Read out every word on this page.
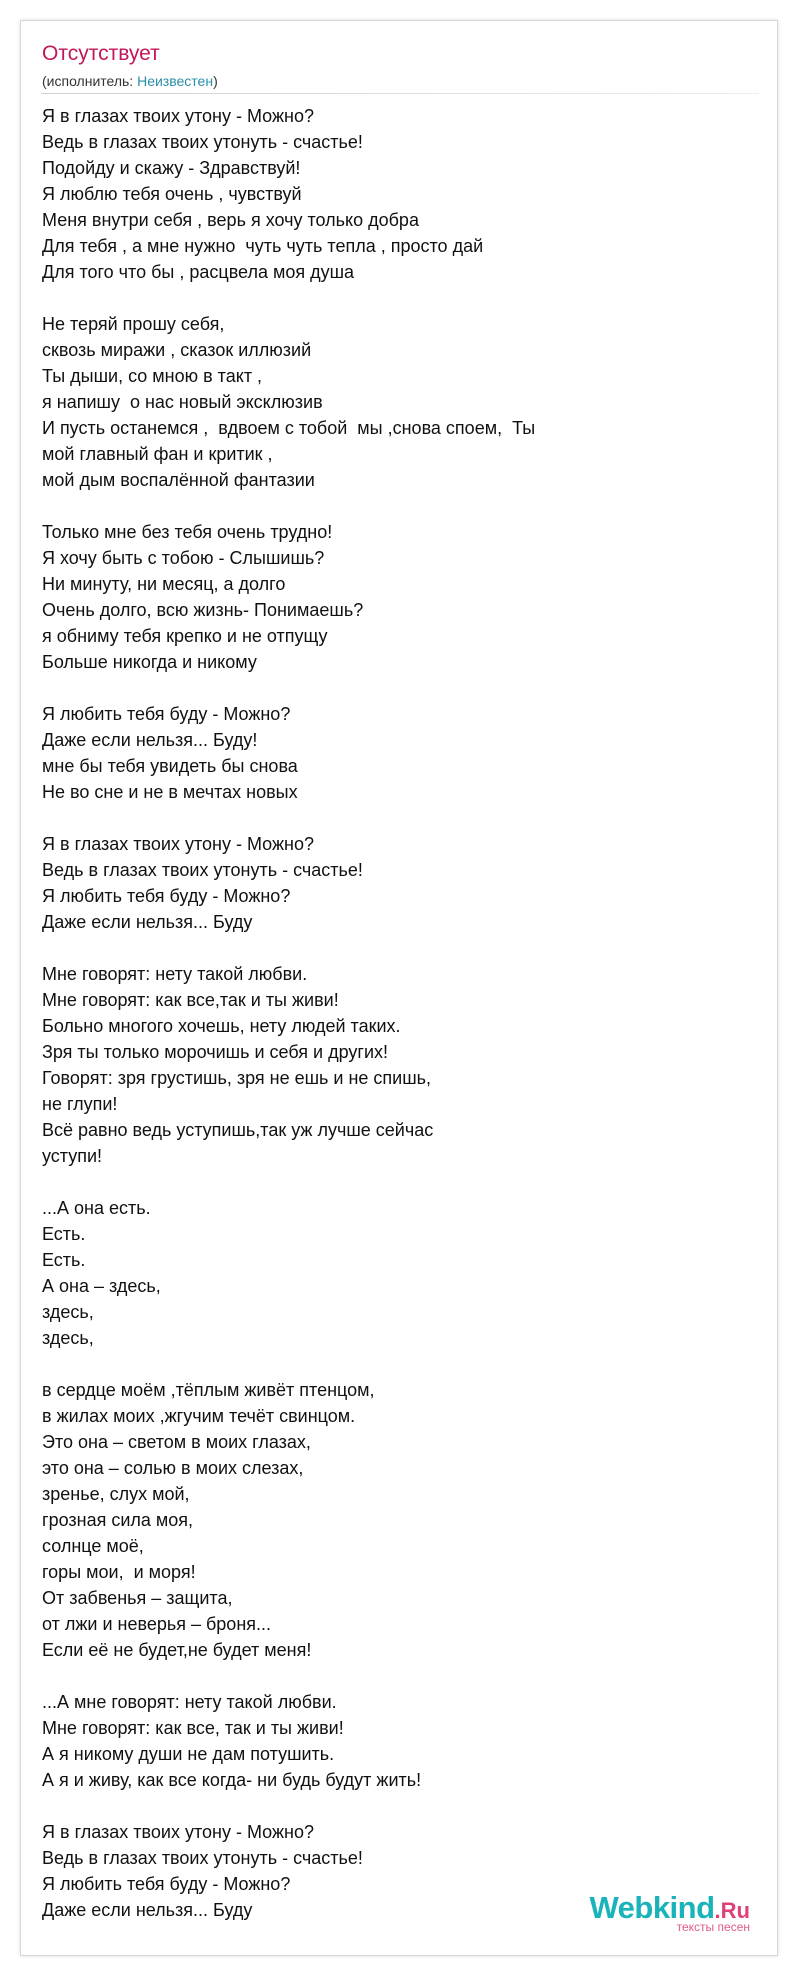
Отсутствует
(исполнитель: Неизвестен)
Я в глазах твоих утону - Можно?
Ведь в глазах твоих утонуть - счастье!
Подойду и скажу - Здравствуй!
Я люблю тебя очень , чувствуй
Меня внутри себя , верь я хочу только добра
Для тебя , а мне нужно  чуть чуть тепла , просто дай
Для того что бы , расцвела моя душа
Не теряй прошу себя,
сквозь миражи , сказок иллюзий
Ты дыши, со мною в такт ,
я напишу  о нас новый эксклюзив
И пусть останемся ,  вдвоем с тобой  мы ,снова споем,  Ты
мой главный фан и критик ,
мой дым воспалённой фантазии
Только мне без тебя очень трудно!
Я хочу быть с тобою - Слышишь?
Ни минуту, ни месяц, а долго
Очень долго, всю жизнь- Понимаешь?
я обниму тебя крепко и не отпущу
Больше никогда и никому
Я любить тебя буду - Можно?
Даже если нельзя... Буду!
мне бы тебя увидеть бы снова
Не во сне и не в мечтах новых
Я в глазах твоих утону - Можно?
Ведь в глазах твоих утонуть - счастье!
Я любить тебя буду - Можно?
Даже если нельзя... Буду
Мне говорят: нету такой любви.
Мне говорят: как все,так и ты живи!
Больно многого хочешь, нету людей таких.
Зря ты только морочишь и себя и других!
Говорят: зря грустишь, зря не ешь и не спишь,
не глупи!
Всё равно ведь уступишь,так уж лучше сейчас
уступи!
...А она есть.
Есть.
Есть.
А она – здесь,
здесь,
здесь,
в сердце моём ,тёплым живёт птенцом,
в жилах моих ,жгучим течёт свинцом.
Это она – светом в моих глазах,
это она – солью в моих слезах,
зренье, слух мой,
грозная сила моя,
солнце моё,
горы мои,  и моря!
От забвенья – защита,
от лжи и неверья – броня...
Если её не будет,не будет меня!
...А мне говорят: нету такой любви.
Мне говорят: как все, так и ты живи!
А я никому души не дам потушить.
А я и живу, как все когда- ни будь будут жить!
Я в глазах твоих утону - Можно?
Ведь в глазах твоих утонуть - счастье!
Я любить тебя буду - Можно?
Даже если нельзя... Буду	Webkind.Ru
тексты песен
